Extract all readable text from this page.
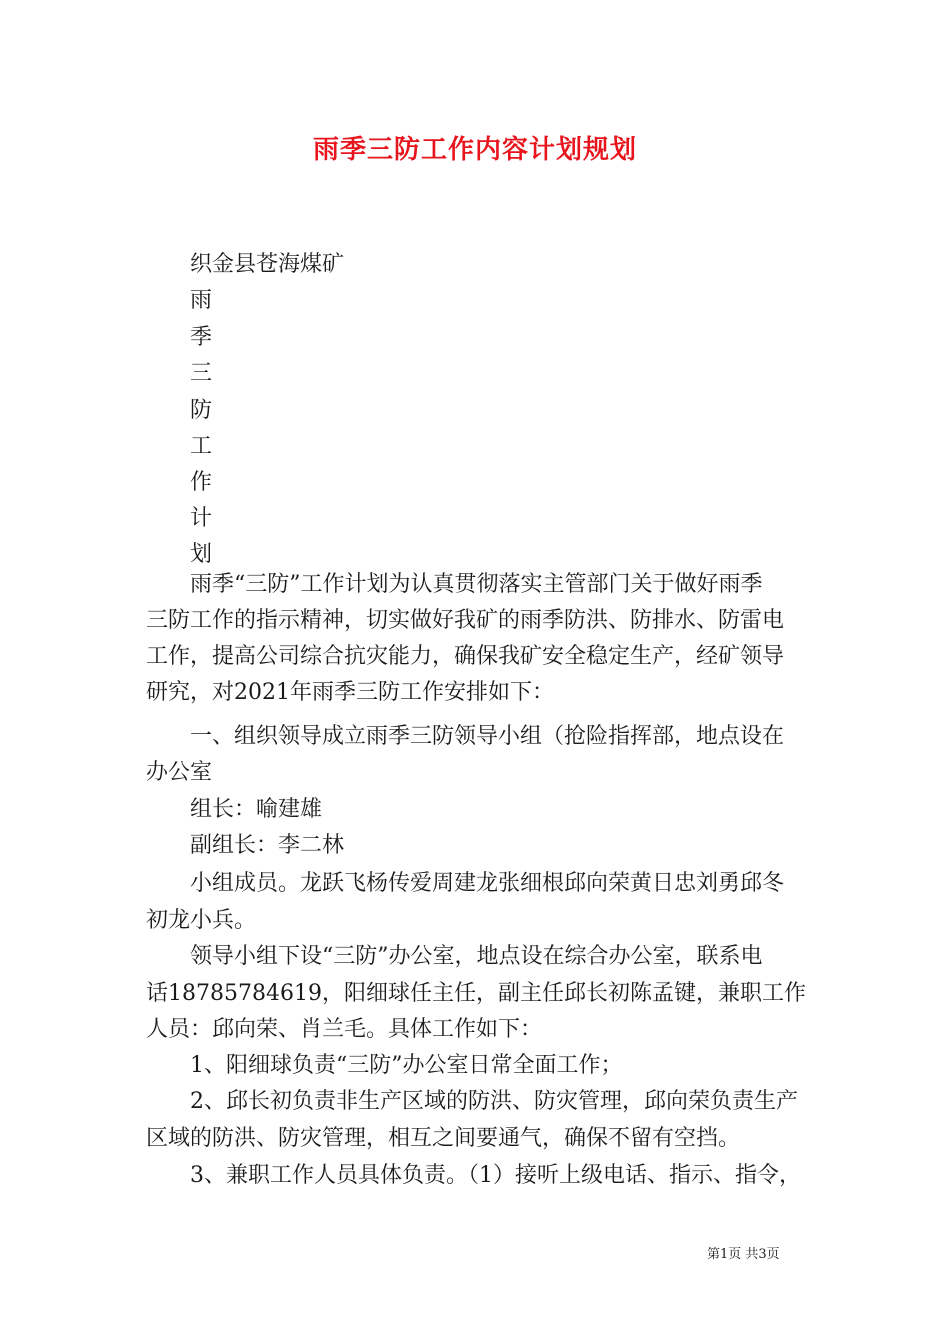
雨季三防工作内容计划规划
织金县苍海煤矿
雨
季
三
防
工
作
计
划
雨季“三防”工作计划为认真贯彻落实主管部门关于做好雨季
三防工作的指示精神，切实做好我矿的雨季防洪、防排水、防雷电
工作，提高公司综合抗灾能力，确保我矿安全稳定生产，经矿领导
研究，对2021年雨季三防工作安排如下：
一、组织领导成立雨季三防领导小组（抢险指挥部，地点设在
办公室
组长：喻建雄
副组长：李二林
小组成员。龙跃飞杨传爱周建龙张细根邱向荣黄日忠刘勇邱冬
初龙小兵。
领导小组下设“三防”办公室，地点设在综合办公室，联系电
话18785784619，阳细球任主任，副主任邱长初陈孟键，兼职工作
人员：邱向荣、肖兰毛。具体工作如下：
1、阳细球负责“三防”办公室日常全面工作；
2、邱长初负责非生产区域的防洪、防灾管理，邱向荣负责生产
区域的防洪、防灾管理，相互之间要通气，确保不留有空挡。
3、兼职工作人员具体负责。（1）接听上级电话、指示、指令，
第1页 共3页
